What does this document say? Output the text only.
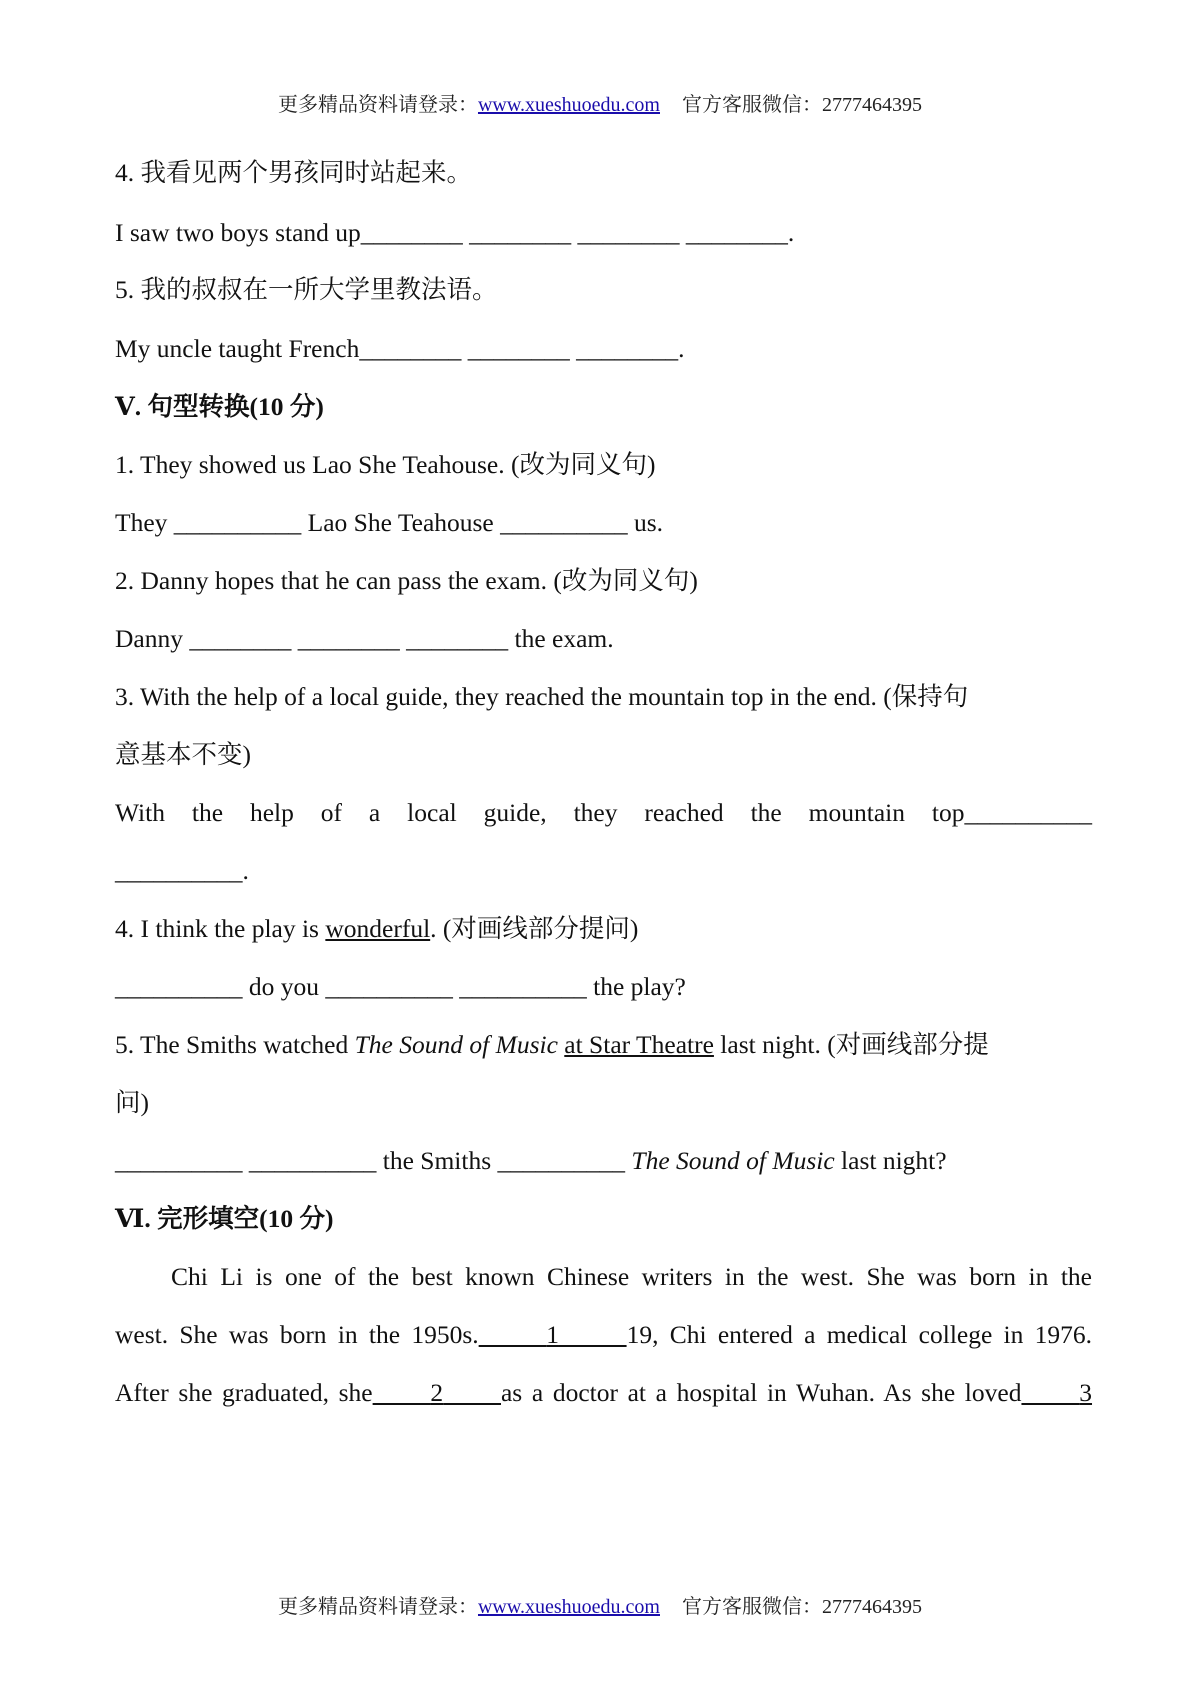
更多精品资料请登录：www.xueshuoedu.com 官方客服微信：2777464395
4. 我看见两个男孩同时站起来。
I saw two boys stand up________ ________ ________ ________.
5. 我的叔叔在一所大学里教法语。
My uncle taught French________ ________ ________.
Ⅴ. 句型转换(10 分)
1. They showed us Lao She Teahouse. (改为同义句)
They __________ Lao She Teahouse __________ us.
2. Danny hopes that he can pass the exam. (改为同义句)
Danny ________ ________ ________ the exam.
3. With the help of a local guide, they reached the mountain top in the end. (保持句
意基本不变)
With the help of a local guide, they reached the mountain top__________
__________.
4. I think the play is wonderful. (对画线部分提问)
__________ do you __________ __________ the play?
5. The Smiths watched The Sound of Music at Star Theatre last night. (对画线部分提
问)
__________ __________ the Smiths __________ The Sound of Music last night?
Ⅵ. 完形填空(10 分)
Chi Li is one of the best known Chinese writers in the west. She was born in the
west. She was born in the 1950s.	1	19, Chi entered a medical college in 1976.
After she graduated, she 2 as a doctor at a hospital in Wuhan. As she loved 3
更多精品资料请登录：www.xueshuoedu.com 官方客服微信：2777464395
